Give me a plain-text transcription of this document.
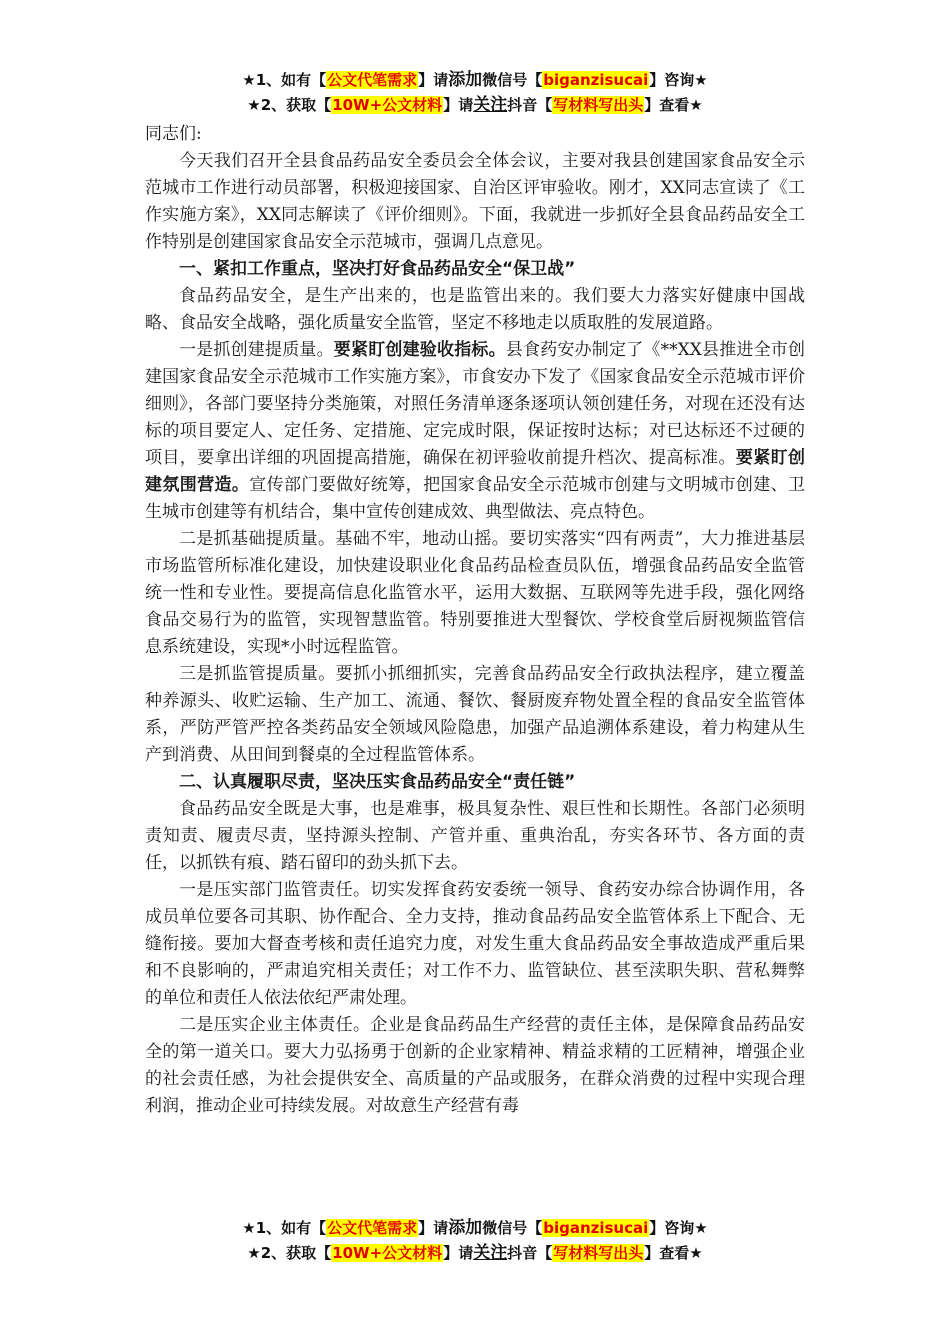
★1、如有【公文代笔需求】请添加微信号【biganzisucai】咨询★
★2、获取【10W+公文材料】请关注抖音【写材料写出头】查看★

同志们:

今天我们召开全县食品药品安全委员会全体会议，主要对我县创建国家食品安全示范城市工作进行动员部署，积极迎接国家、自治区评审验收。刚才，XX同志宣读了《工作实施方案》，XX同志解读了《评价细则》。下面，我就进一步抓好全县食品药品安全工作特别是创建国家食品安全示范城市，强调几点意见。

一、紧扣工作重点，坚决打好食品药品安全“保卫战”

食品药品安全，是生产出来的，也是监管出来的。我们要大力落实好健康中国战略、食品安全战略，强化质量安全监管，坚定不移地走以质取胜的发展道路。

一是抓创建提质量。要紧盯创建验收指标。县食药安办制定了《**XX县推进全市创建国家食品安全示范城市工作实施方案》，市食安办下发了《国家食品安全示范城市评价细则》，各部门要坚持分类施策，对照任务清单逐条逐项认领创建任务，对现在还没有达标的项目要定人、定任务、定措施、定完成时限，保证按时达标；对已达标还不过硬的项目，要拿出详细的巩固提高措施，确保在初评验收前提升档次、提高标准。要紧盯创建氛围营造。宣传部门要做好统筹，把国家食品安全示范城市创建与文明城市创建、卫生城市创建等有机结合，集中宣传创建成效、典型做法、亮点特色。

二是抓基础提质量。基础不牢，地动山摇。要切实落实“四有两责”，大力推进基层市场监管所标准化建设，加快建设职业化食品药品检查员队伍，增强食品药品安全监管统一性和专业性。要提高信息化监管水平，运用大数据、互联网等先进手段，强化网络食品交易行为的监管，实现智慧监管。特别要推进大型餐饮、学校食堂后厨视频监管信息系统建设，实现*小时远程监管。

三是抓监管提质量。要抓小抓细抓实，完善食品药品安全行政执法程序，建立覆盖种养源头、收贮运输、生产加工、流通、餐饮、餐厨废弃物处置全程的食品安全监管体系，严防严管严控各类药品安全领域风险隐患，加强产品追溯体系建设，着力构建从生产到消费、从田间到餐桌的全过程监管体系。

二、认真履职尽责，坚决压实食品药品安全“责任链”

食品药品安全既是大事，也是难事，极具复杂性、艰巨性和长期性。各部门必须明责知责、履责尽责，坚持源头控制、产管并重、重典治乱，夯实各环节、各方面的责任，以抓铁有痕、踏石留印的劲头抓下去。

一是压实部门监管责任。切实发挥食药安委统一领导、食药安办综合协调作用，各成员单位要各司其职、协作配合、全力支持，推动食品药品安全监管体系上下配合、无缝衔接。要加大督查考核和责任追究力度，对发生重大食品药品安全事故造成严重后果和不良影响的，严肃追究相关责任；对工作不力、监管缺位、甚至渎职失职、营私舞弊的单位和责任人依法依纪严肃处理。

二是压实企业主体责任。企业是食品药品生产经营的责任主体，是保障食品药品安全的第一道关口。要大力弘扬勇于创新的企业家精神、精益求精的工匠精神，增强企业的社会责任感，为社会提供安全、高质量的产品或服务，在群众消费的过程中实现合理利润，推动企业可持续发展。对故意生产经营有毒

★1、如有【公文代笔需求】请添加微信号【biganzisucai】咨询★
★2、获取【10W+公文材料】请关注抖音【写材料写出头】查看★
